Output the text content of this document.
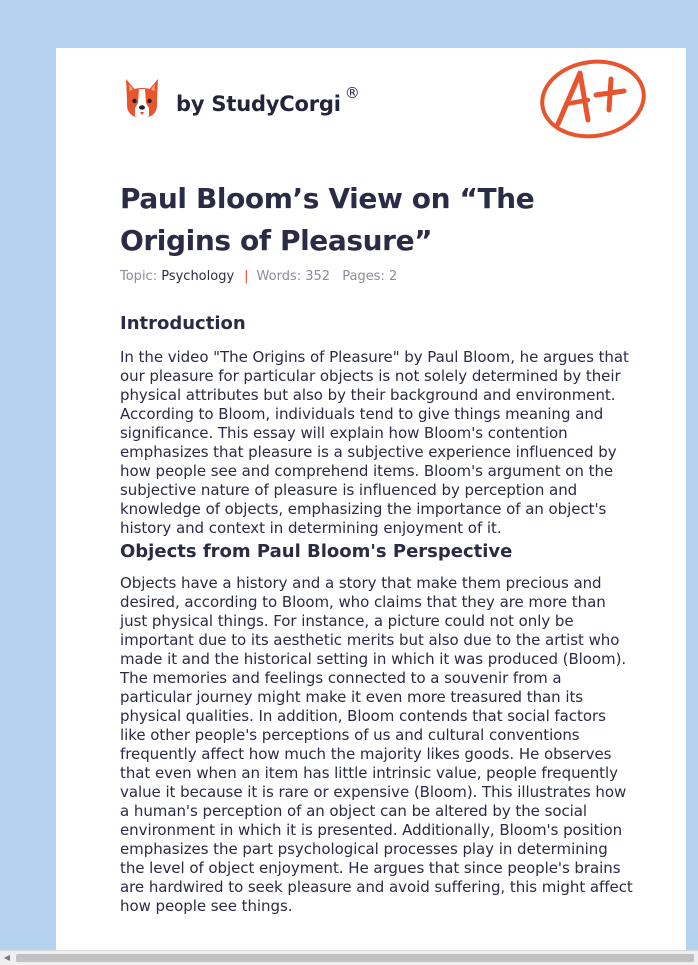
by StudyCorgi ®
Paul Bloom’s View on “The Origins of Pleasure”
Topic: Psychology | Words: 352 Pages: 2
Introduction

In the video "The Origins of Pleasure" by Paul Bloom, he argues that our pleasure for particular objects is not solely determined by their physical attributes but also by their background and environment. According to Bloom, individuals tend to give things meaning and significance. This essay will explain how Bloom's contention emphasizes that pleasure is a subjective experience influenced by how people see and comprehend items. Bloom's argument on the subjective nature of pleasure is influenced by perception and knowledge of objects, emphasizing the importance of an object's history and context in determining enjoyment of it.

Objects from Paul Bloom's Perspective

Objects have a history and a story that make them precious and desired, according to Bloom, who claims that they are more than just physical things. For instance, a picture could not only be important due to its aesthetic merits but also due to the artist who made it and the historical setting in which it was produced (Bloom). The memories and feelings connected to a souvenir from a particular journey might make it even more treasured than its physical qualities. In addition, Bloom contends that social factors like other people's perceptions of us and cultural conventions frequently affect how much the majority likes goods. He observes that even when an item has little intrinsic value, people frequently value it because it is rare or expensive (Bloom). This illustrates how a human's perception of an object can be altered by the social environment in which it is presented. Additionally, Bloom's position emphasizes the part psychological processes play in determining the level of object enjoyment. He argues that since people's brains are hardwired to seek pleasure and avoid suffering, this might affect how people see things.

◀
